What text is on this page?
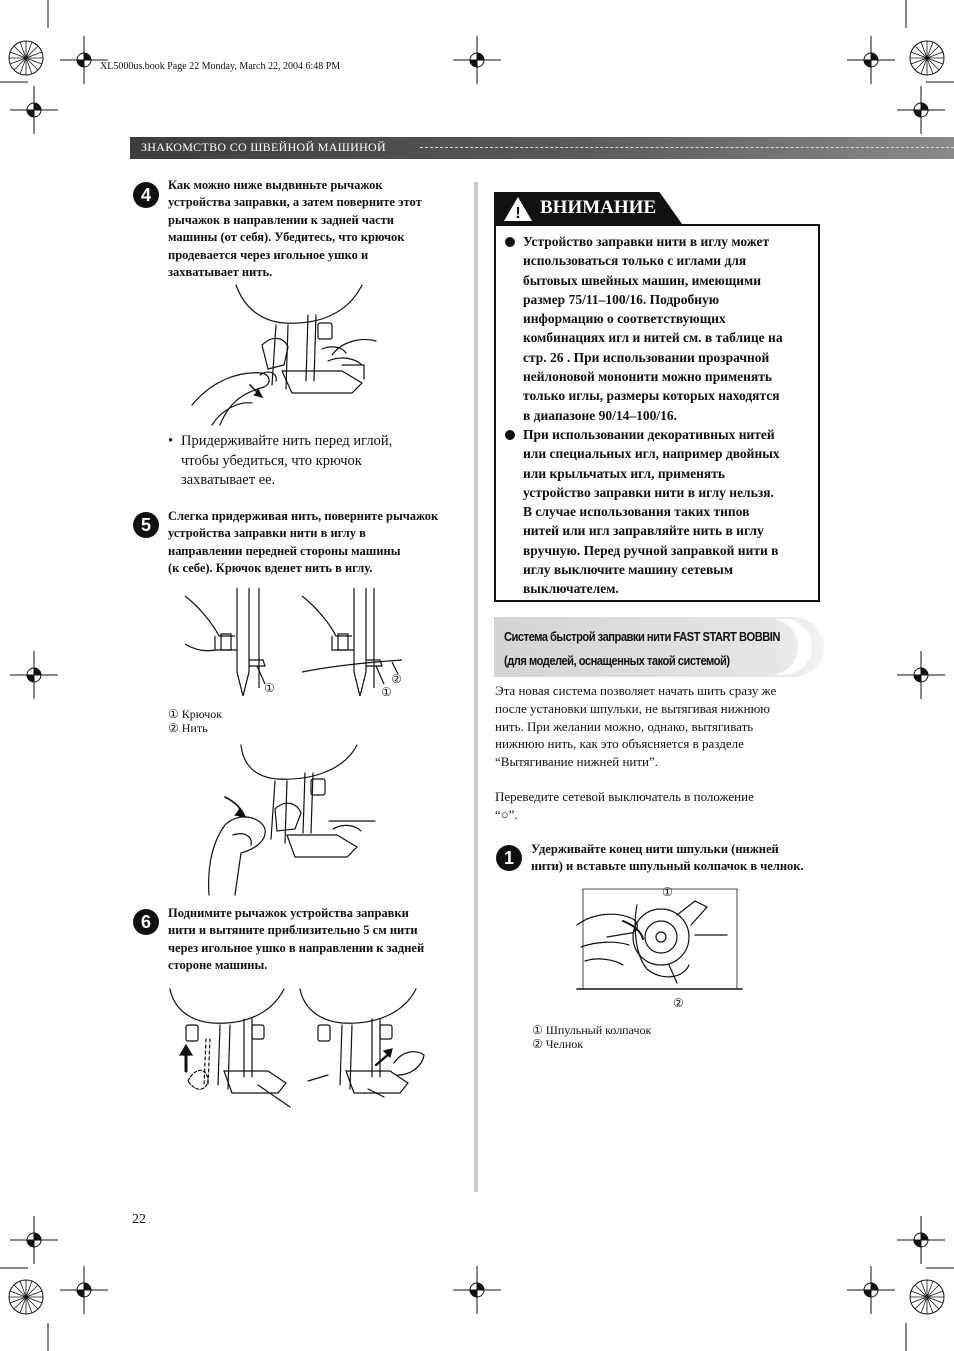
XL5000us.book Page 22 Monday, March 22, 2004 6:48 PM
ЗНАКОМСТВО СО ШВЕЙНОЙ МАШИНОЙ
4	Как можно ниже выдвиньте рычажок
устройства заправки, а затем поверните этот
рычажок в направлении к задней части
машины (от себя). Убедитесь, что крючок
продевается через игольное ушко и
захватывает нить.
• Придерживайте нить перед иглой,
чтобы убедиться, что крючок
захватывает ее.
5	Слегка придерживая нить, поверните рычажок
устройства заправки нити в иглу в
направлении передней стороны машины
(к себе). Крючок вденет нить в иглу.
①
②
①
① Крючок
② Нить
6	Поднимите рычажок устройства заправки
нити и вытяните приблизительно 5 см нити
через игольное ушко в направлении к задней
стороне машины.
! ВНИМАНИЕ
Устройство заправки нити в иглу может
использоваться только с иглами для
бытовых швейных машин, имеющими
размер 75/11–100/16. Подробную
информацию о соответствующих
комбинациях игл и нитей см. в таблице на
стр. 26 . При использовании прозрачной
нейлоновой мононити можно применять
только иглы, размеры которых находятся
в диапазоне 90/14–100/16.
При использовании декоративных нитей
или специальных игл, например двойных
или крыльчатых игл, применять
устройство заправки нити в иглу нельзя.
В случае использования таких типов
нитей или игл заправляйте нить в иглу
вручную. Перед ручной заправкой нити в
иглу выключите машину сетевым
выключателем.
Система быстрой заправки нити FAST START BOBBIN
(для моделей, оснащенных такой системой)
Эта новая система позволяет начать шить сразу же
после установки шпульки, не вытягивая нижнюю
нить. При желании можно, однако, вытягивать
нижнюю нить, как это объясняется в разделе
“Вытягивание нижней нити”.
Переведите сетевой выключатель в положение
“○”.
1	Удерживайте конец нити шпульки (нижней
нити) и вставьте шпульный колпачок в челнок.
①
②
① Шпульный колпачок
② Челнок
22
